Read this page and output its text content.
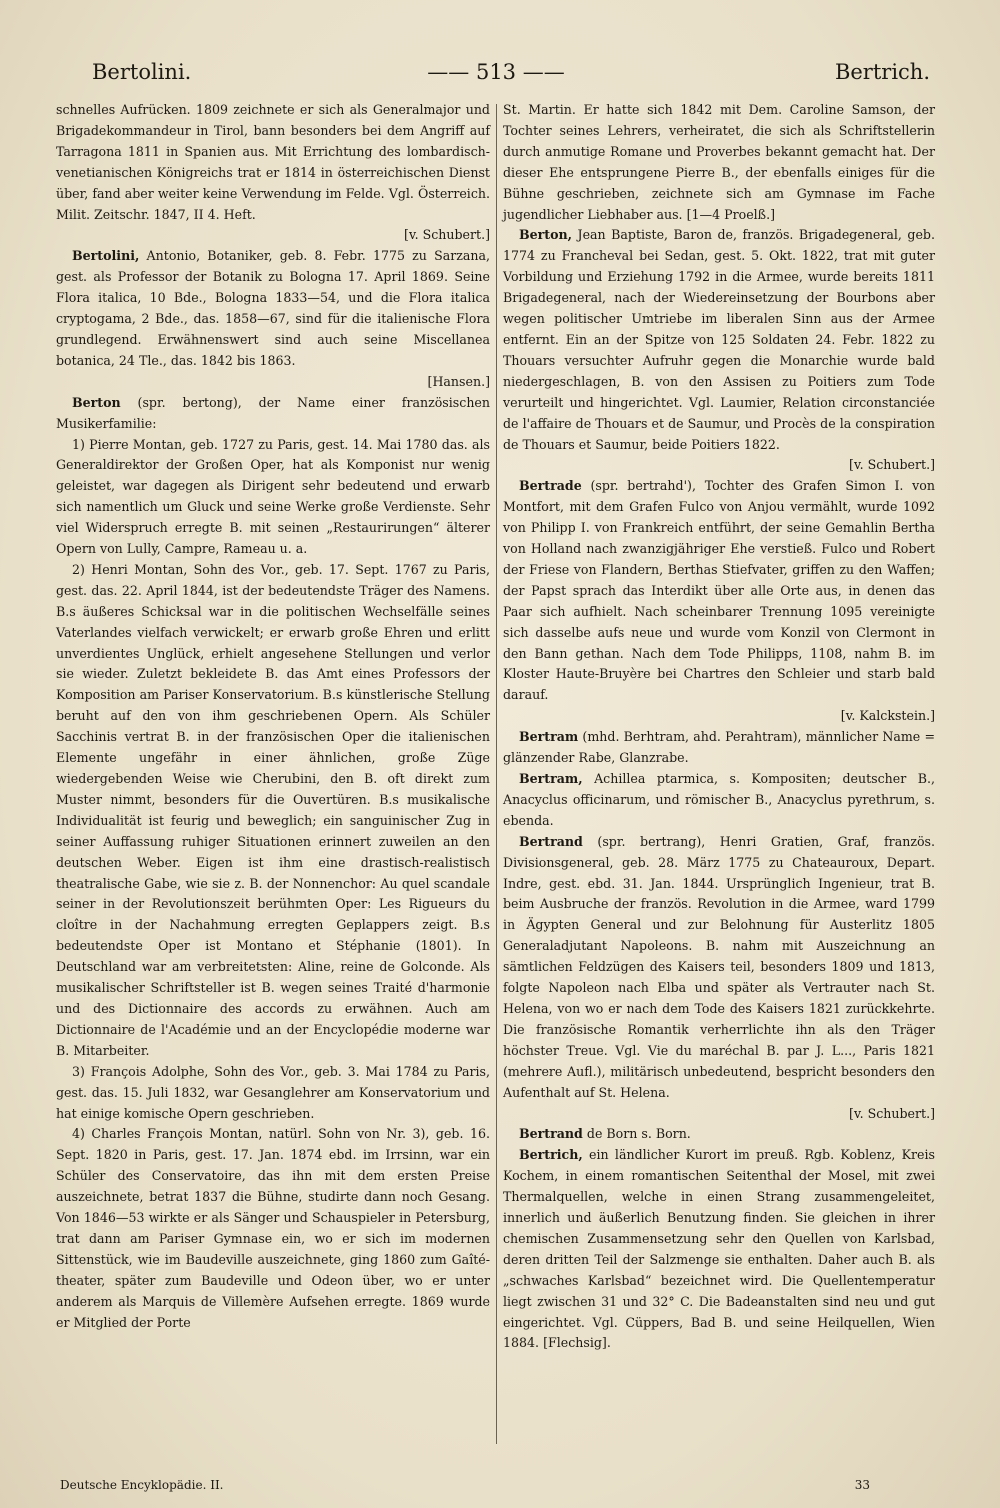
Bertolini.	—— 513 ——	Bertrich.

schnelles Aufrücken. 1809 zeichnete er sich als Generalmajor und Brigadekommandeur in Tirol, bann besonders bei dem Angriff auf Tarragona 1811 in Spanien aus. Mit Errichtung des lombardisch-venetianischen Königreichs trat er 1814 in österreichischen Dienst über, fand aber weiter keine Verwendung im Felde. Vgl. Österreich. Milit. Zeitschr. 1847, II 4. Heft.

[v. Schubert.]

Bertolini, Antonio, Botaniker, geb. 8. Febr. 1775 zu Sarzana, gest. als Professor der Botanik zu Bologna 17. April 1869. Seine Flora italica, 10 Bde., Bologna 1833—54, und die Flora italica cryptogama, 2 Bde., das. 1858—67, sind für die italienische Flora grundlegend. Erwähnenswert sind auch seine Miscellanea botanica, 24 Tle., das. 1842 bis 1863.

[Hansen.]

Berton (spr. bertong), der Name einer französischen Musikerfamilie:

1) Pierre Montan, geb. 1727 zu Paris, gest. 14. Mai 1780 das. als Generaldirektor der Großen Oper, hat als Komponist nur wenig geleistet, war dagegen als Dirigent sehr bedeutend und erwarb sich namentlich um Gluck und seine Werke große Verdienste. Sehr viel Widerspruch erregte B. mit seinen „Restaurirungen“ älterer Opern von Lully, Campre, Rameau u. a.

2) Henri Montan, Sohn des Vor., geb. 17. Sept. 1767 zu Paris, gest. das. 22. April 1844, ist der bedeutendste Träger des Namens. B.s äußeres Schicksal war in die politischen Wechselfälle seines Vaterlandes vielfach verwickelt; er erwarb große Ehren und erlitt unverdientes Unglück, erhielt angesehene Stellungen und verlor sie wieder. Zuletzt bekleidete B. das Amt eines Professors der Komposition am Pariser Konservatorium. B.s künstlerische Stellung beruht auf den von ihm geschriebenen Opern. Als Schüler Sacchinis vertrat B. in der französischen Oper die italienischen Elemente ungefähr in einer ähnlichen, große Züge wiedergebenden Weise wie Cherubini, den B. oft direkt zum Muster nimmt, besonders für die Ouvertüren. B.s musikalische Individualität ist feurig und beweglich; ein sanguinischer Zug in seiner Auffassung ruhiger Situationen erinnert zuweilen an den deutschen Weber. Eigen ist ihm eine drastisch-realistisch theatralische Gabe, wie sie z. B. der Nonnenchor: Au quel scandale seiner in der Revolutionszeit berühmten Oper: Les Rigueurs du cloître in der Nachahmung erregten Geplappers zeigt. B.s bedeutendste Oper ist Montano et Stéphanie (1801). In Deutschland war am verbreitetsten: Aline, reine de Golconde. Als musikalischer Schriftsteller ist B. wegen seines Traité d'harmonie und des Dictionnaire des accords zu erwähnen. Auch am Dictionnaire de l'Académie und an der Encyclopédie moderne war B. Mitarbeiter.

3) François Adolphe, Sohn des Vor., geb. 3. Mai 1784 zu Paris, gest. das. 15. Juli 1832, war Gesanglehrer am Konservatorium und hat einige komische Opern geschrieben.

4) Charles François Montan, natürl. Sohn von Nr. 3), geb. 16. Sept. 1820 in Paris, gest. 17. Jan. 1874 ebd. im Irrsinn, war ein Schüler des Conservatoire, das ihn mit dem ersten Preise auszeichnete, betrat 1837 die Bühne, studirte dann noch Gesang. Von 1846—53 wirkte er als Sänger und Schauspieler in Petersburg, trat dann am Pariser Gymnase ein, wo er sich im modernen Sittenstück, wie im Baudeville auszeichnete, ging 1860 zum Gaîté-theater, später zum Baudeville und Odeon über, wo er unter anderem als Marquis de Villemère Aufsehen erregte. 1869 wurde er Mitglied der Porte

St. Martin. Er hatte sich 1842 mit Dem. Caroline Samson, der Tochter seines Lehrers, verheiratet, die sich als Schriftstellerin durch anmutige Romane und Proverbes bekannt gemacht hat. Der dieser Ehe entsprungene Pierre B., der ebenfalls einiges für die Bühne geschrieben, zeichnete sich am Gymnase im Fache jugendlicher Liebhaber aus. [1—4 Proelß.]

Berton, Jean Baptiste, Baron de, französ. Brigadegeneral, geb. 1774 zu Francheval bei Sedan, gest. 5. Okt. 1822, trat mit guter Vorbildung und Erziehung 1792 in die Armee, wurde bereits 1811 Brigadegeneral, nach der Wiedereinsetzung der Bourbons aber wegen politischer Umtriebe im liberalen Sinn aus der Armee entfernt. Ein an der Spitze von 125 Soldaten 24. Febr. 1822 zu Thouars versuchter Aufruhr gegen die Monarchie wurde bald niedergeschlagen, B. von den Assisen zu Poitiers zum Tode verurteilt und hingerichtet. Vgl. Laumier, Relation circonstanciée de l'affaire de Thouars et de Saumur, und Procès de la conspiration de Thouars et Saumur, beide Poitiers 1822.

[v. Schubert.]

Bertrade (spr. bertrahd'), Tochter des Grafen Simon I. von Montfort, mit dem Grafen Fulco von Anjou vermählt, wurde 1092 von Philipp I. von Frankreich entführt, der seine Gemahlin Bertha von Holland nach zwanzigjähriger Ehe verstieß. Fulco und Robert der Friese von Flandern, Berthas Stiefvater, griffen zu den Waffen; der Papst sprach das Interdikt über alle Orte aus, in denen das Paar sich aufhielt. Nach scheinbarer Trennung 1095 vereinigte sich dasselbe aufs neue und wurde vom Konzil von Clermont in den Bann gethan. Nach dem Tode Philipps, 1108, nahm B. im Kloster Haute-Bruyère bei Chartres den Schleier und starb bald darauf.

[v. Kalckstein.]

Bertram (mhd. Berhtram, ahd. Perahtram), männlicher Name = glänzender Rabe, Glanzrabe.

Bertram, Achillea ptarmica, s. Kompositen; deutscher B., Anacyclus officinarum, und römischer B., Anacyclus pyrethrum, s. ebenda.

Bertrand (spr. bertrang), Henri Gratien, Graf, französ. Divisionsgeneral, geb. 28. März 1775 zu Chateauroux, Depart. Indre, gest. ebd. 31. Jan. 1844. Ursprünglich Ingenieur, trat B. beim Ausbruche der französ. Revolution in die Armee, ward 1799 in Ägypten General und zur Belohnung für Austerlitz 1805 Generaladjutant Napoleons. B. nahm mit Auszeichnung an sämtlichen Feldzügen des Kaisers teil, besonders 1809 und 1813, folgte Napoleon nach Elba und später als Vertrauter nach St. Helena, von wo er nach dem Tode des Kaisers 1821 zurückkehrte. Die französische Romantik verherrlichte ihn als den Träger höchster Treue. Vgl. Vie du maréchal B. par J. L..., Paris 1821 (mehrere Aufl.), militärisch unbedeutend, bespricht besonders den Aufenthalt auf St. Helena.

[v. Schubert.]

Bertrand de Born s. Born.

Bertrich, ein ländlicher Kurort im preuß. Rgb. Koblenz, Kreis Kochem, in einem romantischen Seitenthal der Mosel, mit zwei Thermalquellen, welche in einen Strang zusammengeleitet, innerlich und äußerlich Benutzung finden. Sie gleichen in ihrer chemischen Zusammensetzung sehr den Quellen von Karlsbad, deren dritten Teil der Salzmenge sie enthalten. Daher auch B. als „schwaches Karlsbad“ bezeichnet wird. Die Quellentemperatur liegt zwischen 31 und 32° C. Die Badeanstalten sind neu und gut eingerichtet. Vgl. Cüppers, Bad B. und seine Heilquellen, Wien 1884. [Flechsig].

Deutsche Encyklopädie. II.	33
